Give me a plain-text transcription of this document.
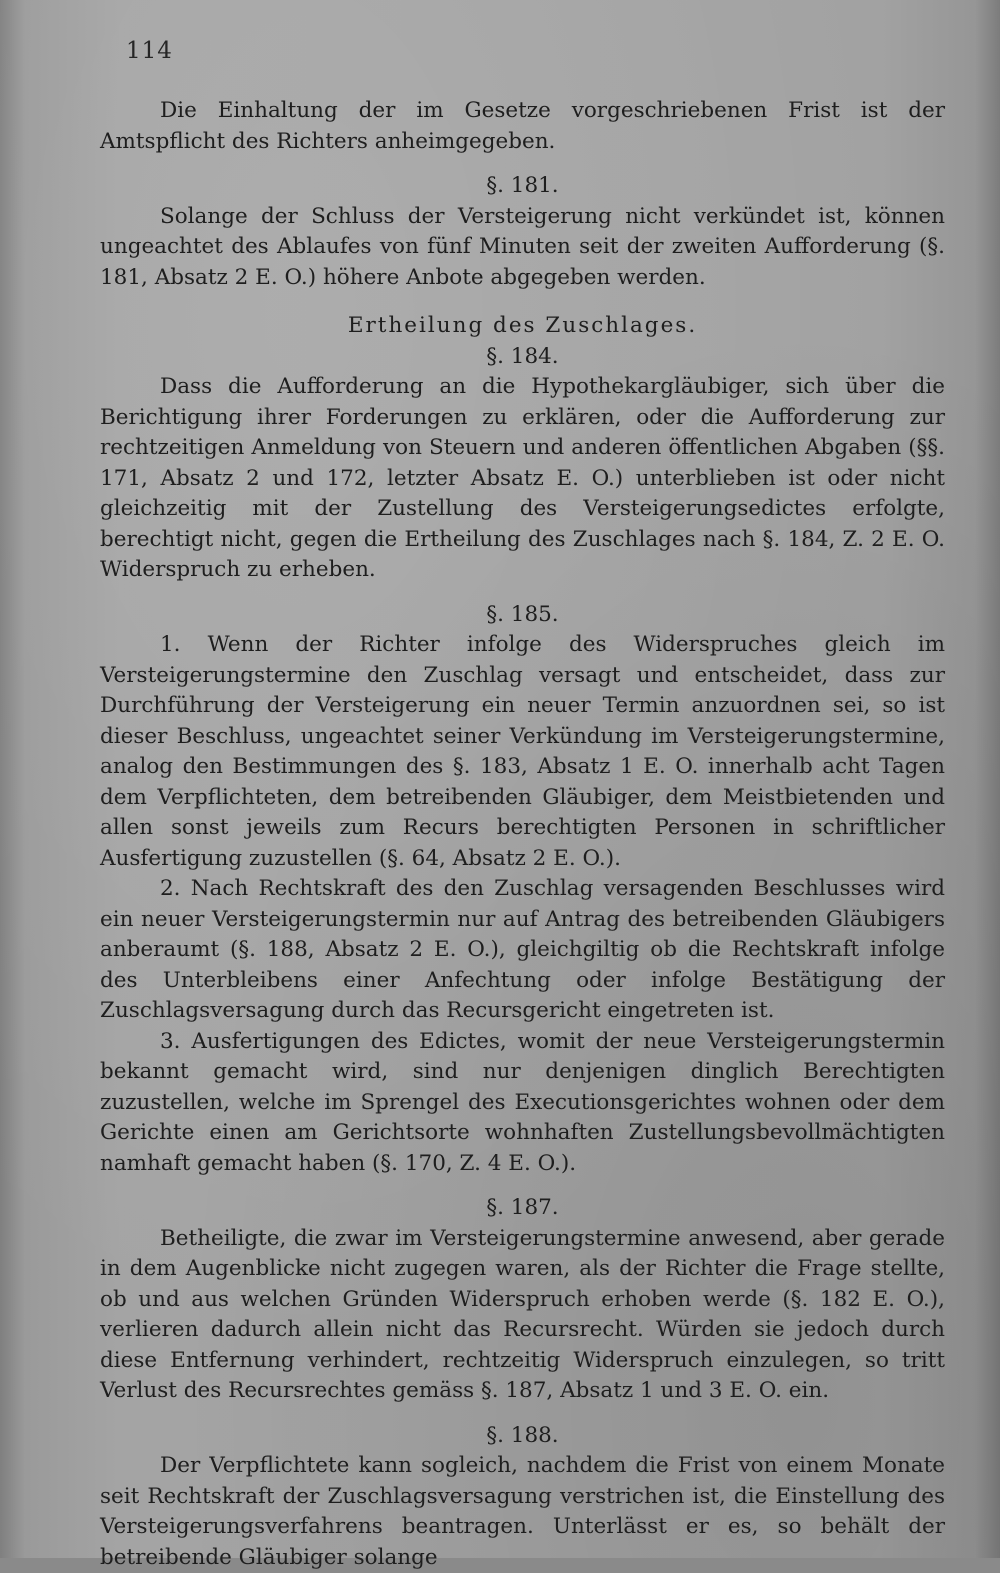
114

Die Einhaltung der im Gesetze vorgeschriebenen Frist ist der Amtspflicht des Richters anheimgegeben.

§. 181.

Solange der Schluss der Versteigerung nicht verkündet ist, können ungeachtet des Ablaufes von fünf Minuten seit der zweiten Aufforderung (§. 181, Absatz 2 E. O.) höhere Anbote abgegeben werden.

Ertheilung des Zuschlages.

§. 184.

Dass die Aufforderung an die Hypothekargläubiger, sich über die Berichtigung ihrer Forderungen zu erklären, oder die Aufforderung zur rechtzeitigen Anmeldung von Steuern und anderen öffentlichen Abgaben (§§. 171, Absatz 2 und 172, letzter Absatz E. O.) unterblieben ist oder nicht gleichzeitig mit der Zustellung des Versteigerungsedictes erfolgte, berechtigt nicht, gegen die Ertheilung des Zuschlages nach §. 184, Z. 2 E. O. Widerspruch zu erheben.

§. 185.

1. Wenn der Richter infolge des Widerspruches gleich im Versteigerungstermine den Zuschlag versagt und entscheidet, dass zur Durchführung der Versteigerung ein neuer Termin anzuordnen sei, so ist dieser Beschluss, ungeachtet seiner Verkündung im Versteigerungstermine, analog den Bestimmungen des §. 183, Absatz 1 E. O. innerhalb acht Tagen dem Verpflichteten, dem betreibenden Gläubiger, dem Meistbietenden und allen sonst jeweils zum Recurs berechtigten Personen in schriftlicher Ausfertigung zuzustellen (§. 64, Absatz 2 E. O.).

2. Nach Rechtskraft des den Zuschlag versagenden Beschlusses wird ein neuer Versteigerungstermin nur auf Antrag des betreibenden Gläubigers anberaumt (§. 188, Absatz 2 E. O.), gleichgiltig ob die Rechtskraft infolge des Unterbleibens einer Anfechtung oder infolge Bestätigung der Zuschlagsversagung durch das Recursgericht eingetreten ist.

3. Ausfertigungen des Edictes, womit der neue Versteigerungstermin bekannt gemacht wird, sind nur denjenigen dinglich Berechtigten zuzustellen, welche im Sprengel des Executionsgerichtes wohnen oder dem Gerichte einen am Gerichtsorte wohnhaften Zustellungsbevollmächtigten namhaft gemacht haben (§. 170, Z. 4 E. O.).

§. 187.

Betheiligte, die zwar im Versteigerungstermine anwesend, aber gerade in dem Augenblicke nicht zugegen waren, als der Richter die Frage stellte, ob und aus welchen Gründen Widerspruch erhoben werde (§. 182 E. O.), verlieren dadurch allein nicht das Recursrecht. Würden sie jedoch durch diese Entfernung verhindert, rechtzeitig Widerspruch einzulegen, so tritt Verlust des Recursrechtes gemäss §. 187, Absatz 1 und 3 E. O. ein.

§. 188.

Der Verpflichtete kann sogleich, nachdem die Frist von einem Monate seit Rechtskraft der Zuschlagsversagung verstrichen ist, die Einstellung des Versteigerungsverfahrens beantragen. Unterlässt er es, so behält der betreibende Gläubiger solange
